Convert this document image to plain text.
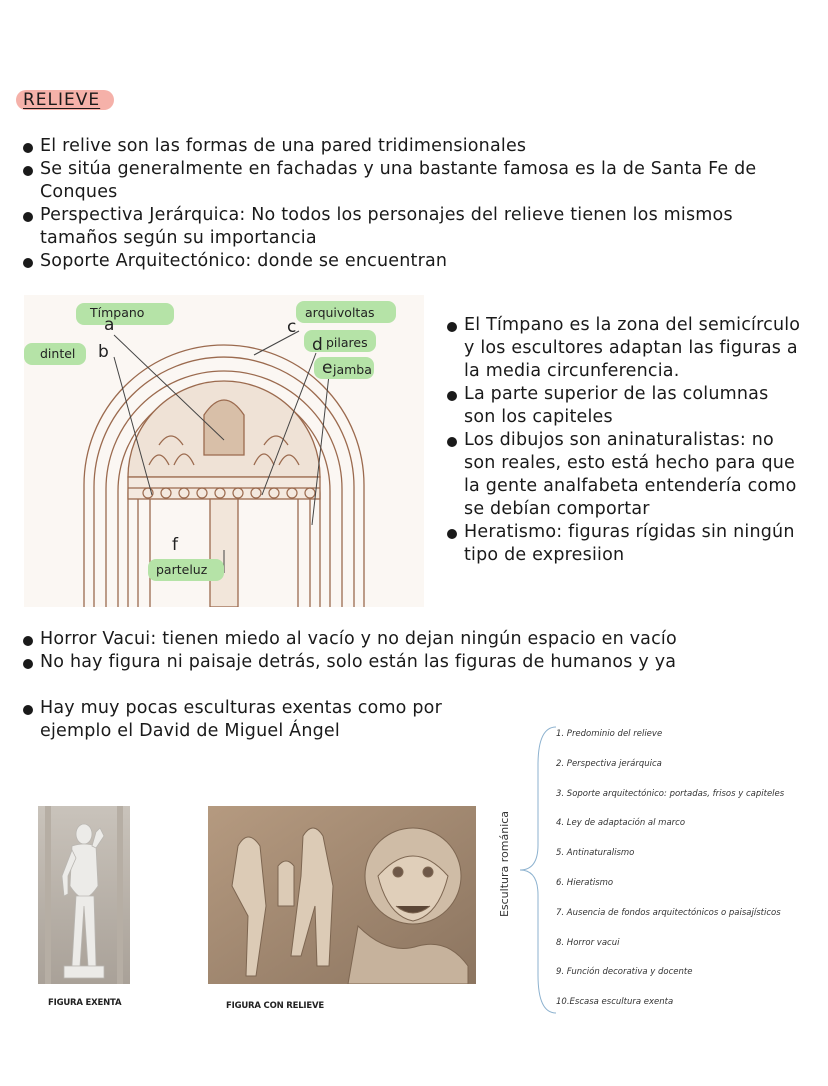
RELIEVE
El relive son las formas de una pared tridimensionales
Se sitúa generalmente en fachadas y una bastante famosa es la de Santa Fe de Conques
Perspectiva Jerárquica: No todos los personajes del relieve tienen los mismos tamaños según su importancia
Soporte Arquitectónico: donde se encuentran
Tímpano
a
dintel b
c
arquivoltas
d pilares
e jamba
f
parteluz
El Tímpano es la zona del semicírculo y los escultores adaptan las figuras a la media circunferencia.
La parte superior de las columnas son los capiteles
Los dibujos son aninaturalistas: no son reales, esto está hecho para que la gente analfabeta entendería como se debían comportar
Heratismo: figuras rígidas sin ningún tipo de expresiion
Horror Vacui: tienen miedo al vacío y no dejan ningún espacio en vacío
No hay figura ni paisaje detrás, solo están las figuras de humanos y ya
Hay muy pocas esculturas exentas como por ejemplo el David de Miguel Ángel
Escultura románica
1. Predominio del relieve
2. Perspectiva jerárquica
3. Soporte arquitectónico: portadas, frisos y capiteles
4. Ley de adaptación al marco
5. Antinaturalismo
6. Hieratismo
7. Ausencia de fondos arquitectónicos o paisajísticos
8. Horror vacui
9. Función decorativa y docente
10.Escasa escultura exenta
FIGURA EXENTA	FIGURA CON RELIEVE
